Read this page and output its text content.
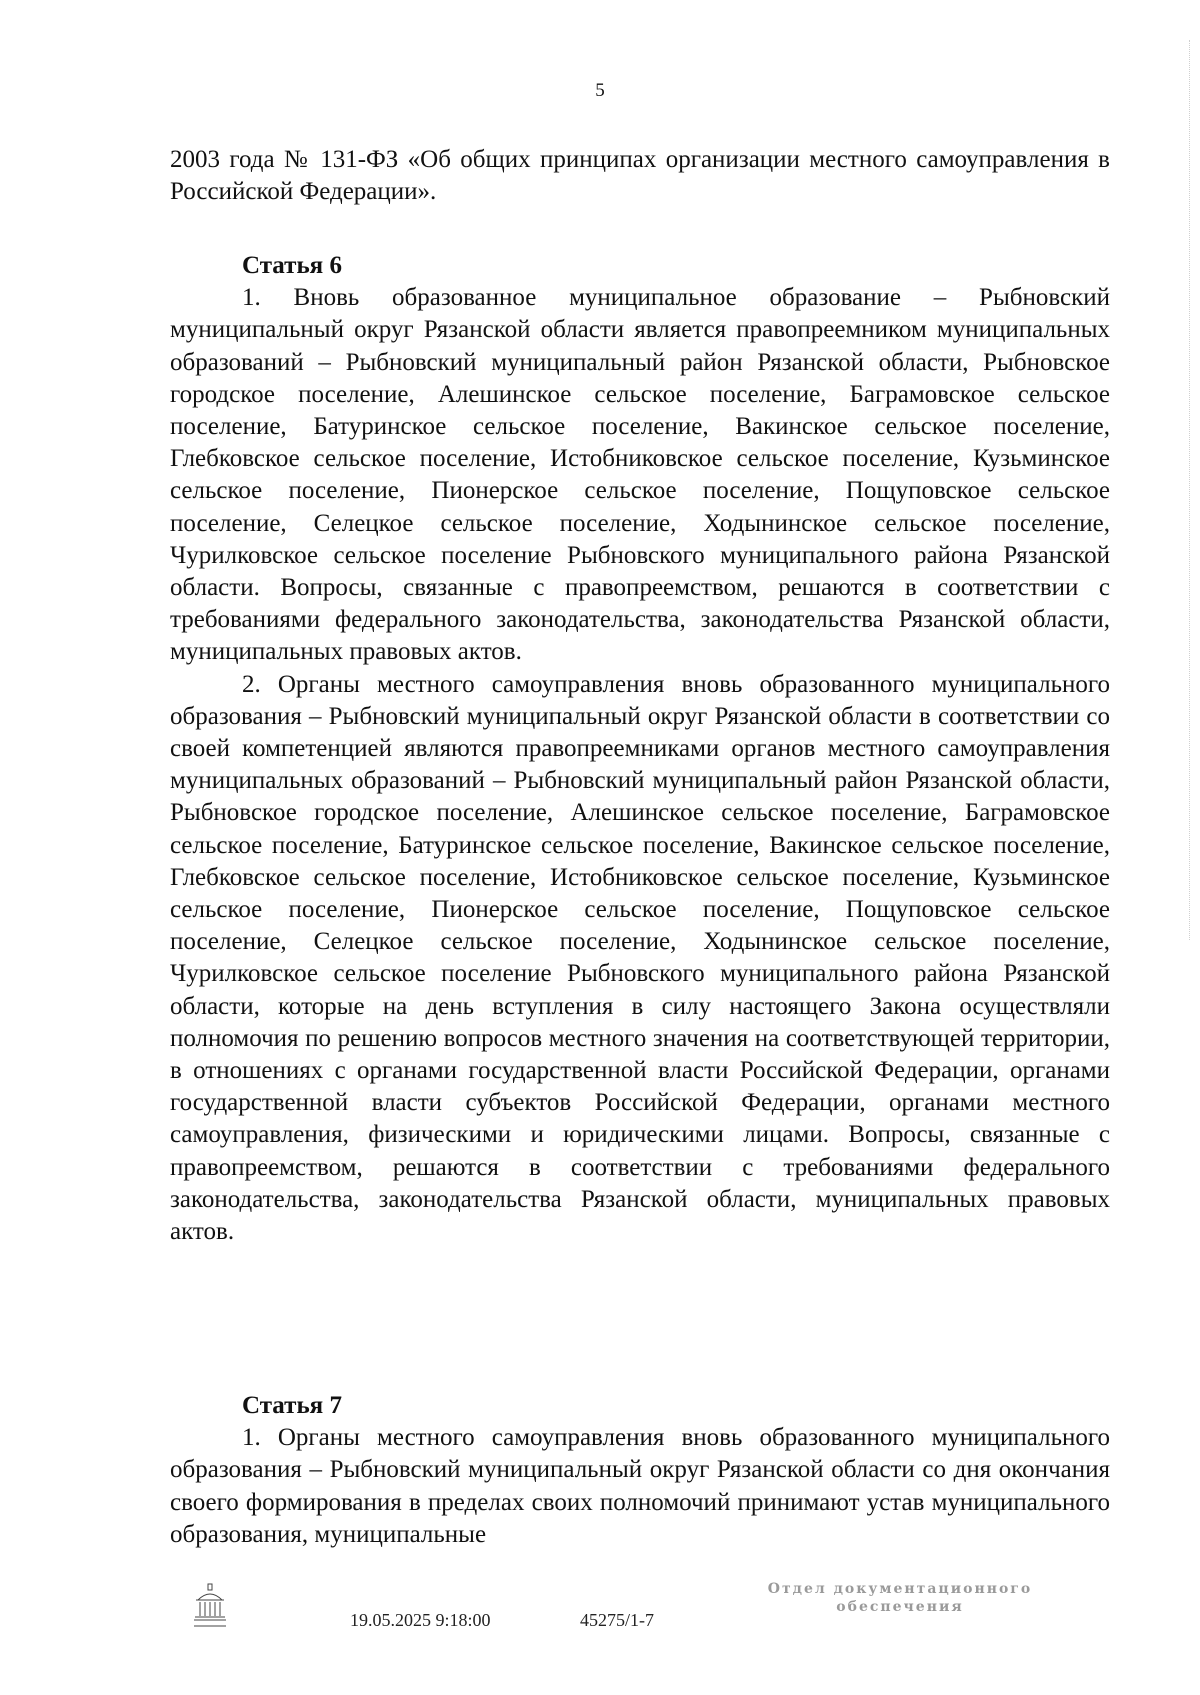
5

2003 года № 131-ФЗ «Об общих принципах организации местного самоуправления в Российской Федерации».

Статья 6

1. Вновь образованное муниципальное образование – Рыбновский муниципальный округ Рязанской области является правопреемником муниципальных образований – Рыбновский муниципальный район Рязанской области, Рыбновское городское поселение, Алешинское сельское поселение, Баграмовское сельское поселение, Батуринское сельское поселение, Вакинское сельское поселение, Глебковское сельское поселение, Истобниковское сельское поселение, Кузьминское сельское поселение, Пионерское сельское поселение, Пощуповское сельское поселение, Селецкое сельское поселение, Ходынинское сельское поселение, Чурилковское сельское поселение Рыбновского муниципального района Рязанской области. Вопросы, связанные с правопреемством, решаются в соответствии с требованиями федерального законодательства, законодательства Рязанской области, муниципальных правовых актов.

2. Органы местного самоуправления вновь образованного муниципального образования – Рыбновский муниципальный округ Рязанской области в соответствии со своей компетенцией являются правопреемниками органов местного самоуправления муниципальных образований – Рыбновский муниципальный район Рязанской области, Рыбновское городское поселение, Алешинское сельское поселение, Баграмовское сельское поселение, Батуринское сельское поселение, Вакинское сельское поселение, Глебковское сельское поселение, Истобниковское сельское поселение, Кузьминское сельское поселение, Пионерское сельское поселение, Пощуповское сельское поселение, Селецкое сельское поселение, Ходынинское сельское поселение, Чурилковское сельское поселение Рыбновского муниципального района Рязанской области, которые на день вступления в силу настоящего Закона осуществляли полномочия по решению вопросов местного значения на соответствующей территории, в отношениях с органами государственной власти Российской Федерации, органами государственной власти субъектов Российской Федерации, органами местного самоуправления, физическими и юридическими лицами. Вопросы, связанные с правопреемством, решаются в соответствии с требованиями федерального законодательства, законодательства Рязанской области, муниципальных правовых актов.

Статья 7

1. Органы местного самоуправления вновь образованного муниципального образования – Рыбновский муниципальный округ Рязанской области со дня окончания своего формирования в пределах своих полномочий принимают устав муниципального образования, муниципальные

19.05.2025 9:18:00	45275/1-7
Отдел документационного
обеспечения
